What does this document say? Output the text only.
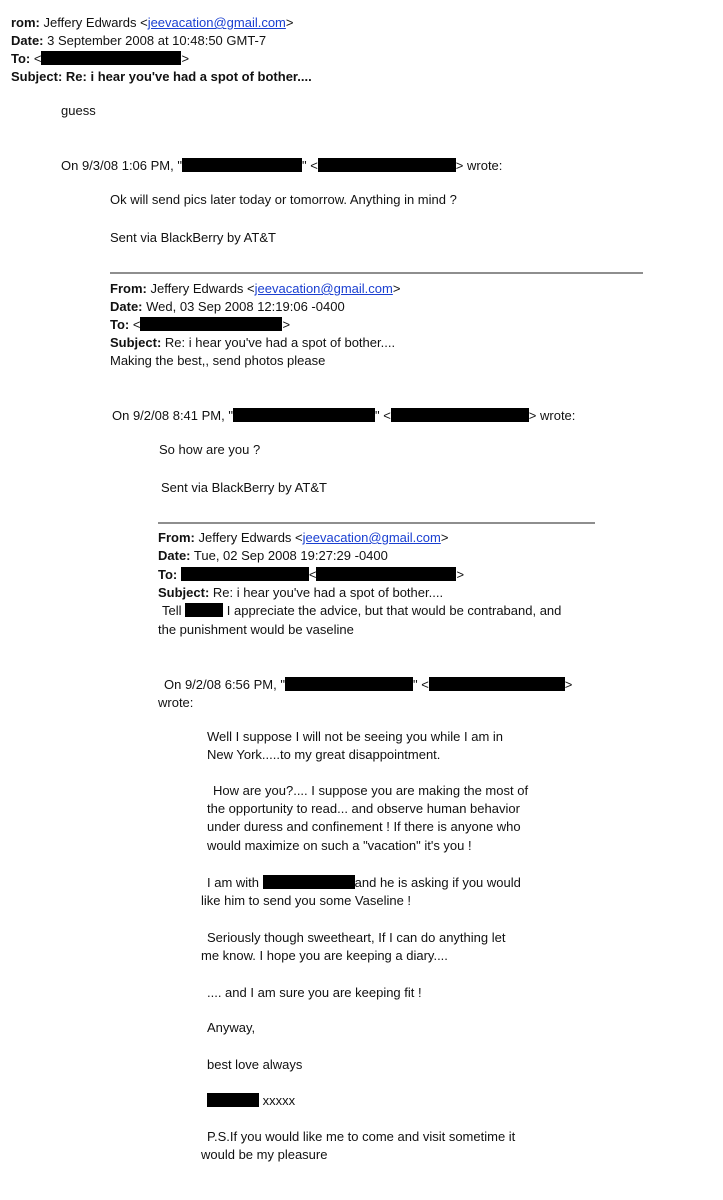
rom: Jeffery Edwards <jeevacation@gmail.com>
Date: 3 September 2008 at 10:48:50 GMT-7
To: <	>
Subject: Re: i hear you've had a spot of bother....
guess
On 9/3/08 1:06 PM, "	" <	> wrote:
Ok will send pics later today or tomorrow. Anything in mind ?
Sent via BlackBerry by AT&T
From: Jeffery Edwards <jeevacation@gmail.com>
Date: Wed, 03 Sep 2008 12:19:06 -0400
To: <	>
Subject: Re: i hear you've had a spot of bother....
Making the best,, send photos please
On 9/2/08 8:41 PM, "	" <	> wrote:
So how are you ?
Sent via BlackBerry by AT&T
From: Jeffery Edwards <jeevacation@gmail.com>
Date: Tue, 02 Sep 2008 19:27:29 -0400
To:	<	>
Subject: Re: i hear you've had a spot of bother....
Tell	I appreciate the advice, but that would be contraband, and
the punishment would be vaseline
On 9/2/08 6:56 PM, "	" <	>
wrote:
Well I suppose I will not be seeing you while I am in
New York.....to my great disappointment.
How are you?.... I suppose you are making the most of
the opportunity to read... and observe human behavior
under duress and confinement ! If there is anyone who
would maximize on such a "vacation" it's you !
I am with	and he is asking if you would
like him to send you some Vaseline !
Seriously though sweetheart, If I can do anything let
me know. I hope you are keeping a diary....
.... and I am sure you are keeping fit !
Anyway,
best love always
xxxxx
P.S.If you would like me to come and visit sometime it
would be my pleasure
